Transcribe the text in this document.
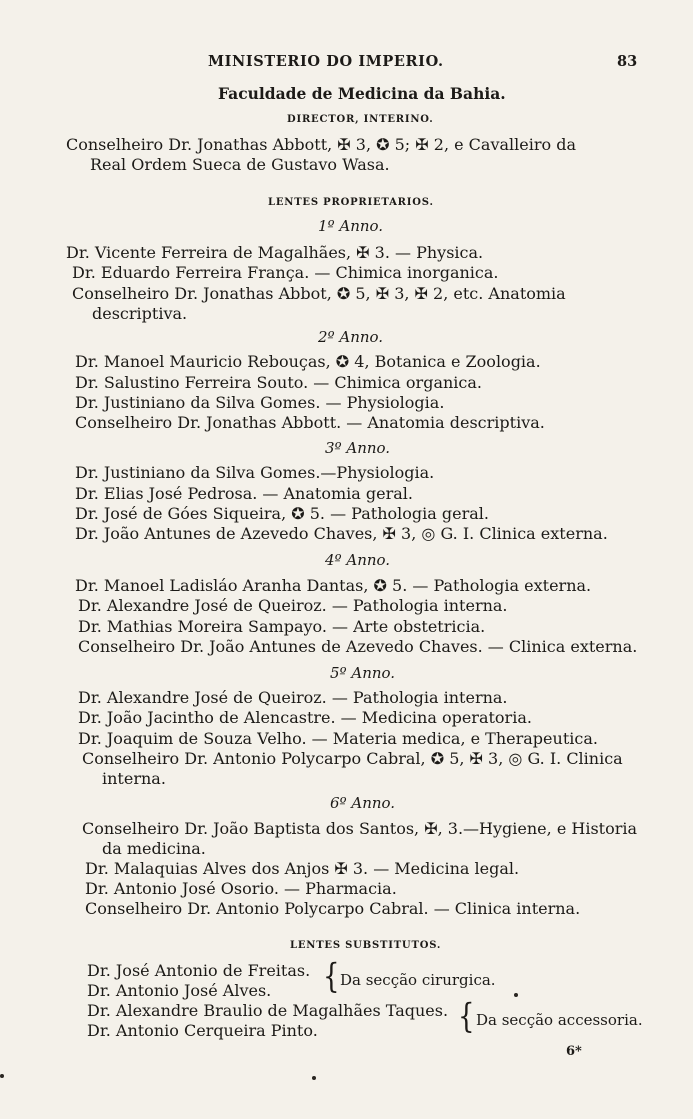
MINISTERIO DO IMPERIO.	83
Faculdade de Medicina da Bahia.
DIRECTOR, INTERINO.
Conselheiro Dr. Jonathas Abbott, ✠ 3, ✪ 5; ✠ 2, e Cavalleiro da
Real Ordem Sueca de Gustavo Wasa.
LENTES PROPRIETARIOS.
1º Anno.
Dr. Vicente Ferreira de Magalhães, ✠ 3. — Physica.
Dr. Eduardo Ferreira França. — Chimica inorganica.
Conselheiro Dr. Jonathas Abbot, ✪ 5, ✠ 3, ✠ 2, etc. Anatomia
descriptiva.
2º Anno.
Dr. Manoel Mauricio Rebouças, ✪ 4, Botanica e Zoologia.
Dr. Salustino Ferreira Souto. — Chimica organica.
Dr. Justiniano da Silva Gomes. — Physiologia.
Conselheiro Dr. Jonathas Abbott. — Anatomia descriptiva.
3º Anno.
Dr. Justiniano da Silva Gomes.—Physiologia.
Dr. Elias José Pedrosa. — Anatomia geral.
Dr. José de Góes Siqueira, ✪ 5. — Pathologia geral.
Dr. João Antunes de Azevedo Chaves, ✠ 3, ◎ G. I. Clinica externa.
4º Anno.
Dr. Manoel Ladisláo Aranha Dantas, ✪ 5. — Pathologia externa.
Dr. Alexandre José de Queiroz. — Pathologia interna.
Dr. Mathias Moreira Sampayo. — Arte obstetricia.
Conselheiro Dr. João Antunes de Azevedo Chaves. — Clinica externa.
5º Anno.
Dr. Alexandre José de Queiroz. — Pathologia interna.
Dr. João Jacintho de Alencastre. — Medicina operatoria.
Dr. Joaquim de Souza Velho. — Materia medica, e Therapeutica.
Conselheiro Dr. Antonio Polycarpo Cabral, ✪ 5, ✠ 3, ◎ G. I. Clinica
interna.
6º Anno.
Conselheiro Dr. João Baptista dos Santos, ✠, 3.—Hygiene, e Historia
da medicina.
Dr. Malaquias Alves dos Anjos ✠ 3. — Medicina legal.
Dr. Antonio José Osorio. — Pharmacia.
Conselheiro Dr. Antonio Polycarpo Cabral. — Clinica interna.
LENTES SUBSTITUTOS.
Dr. José Antonio de Freitas.
Dr. Antonio José Alves.
Dr. Alexandre Braulio de Magalhães Taques.
Dr. Antonio Cerqueira Pinto.
{ Da secção cirurgica.
{ Da secção accessoria.
6*
